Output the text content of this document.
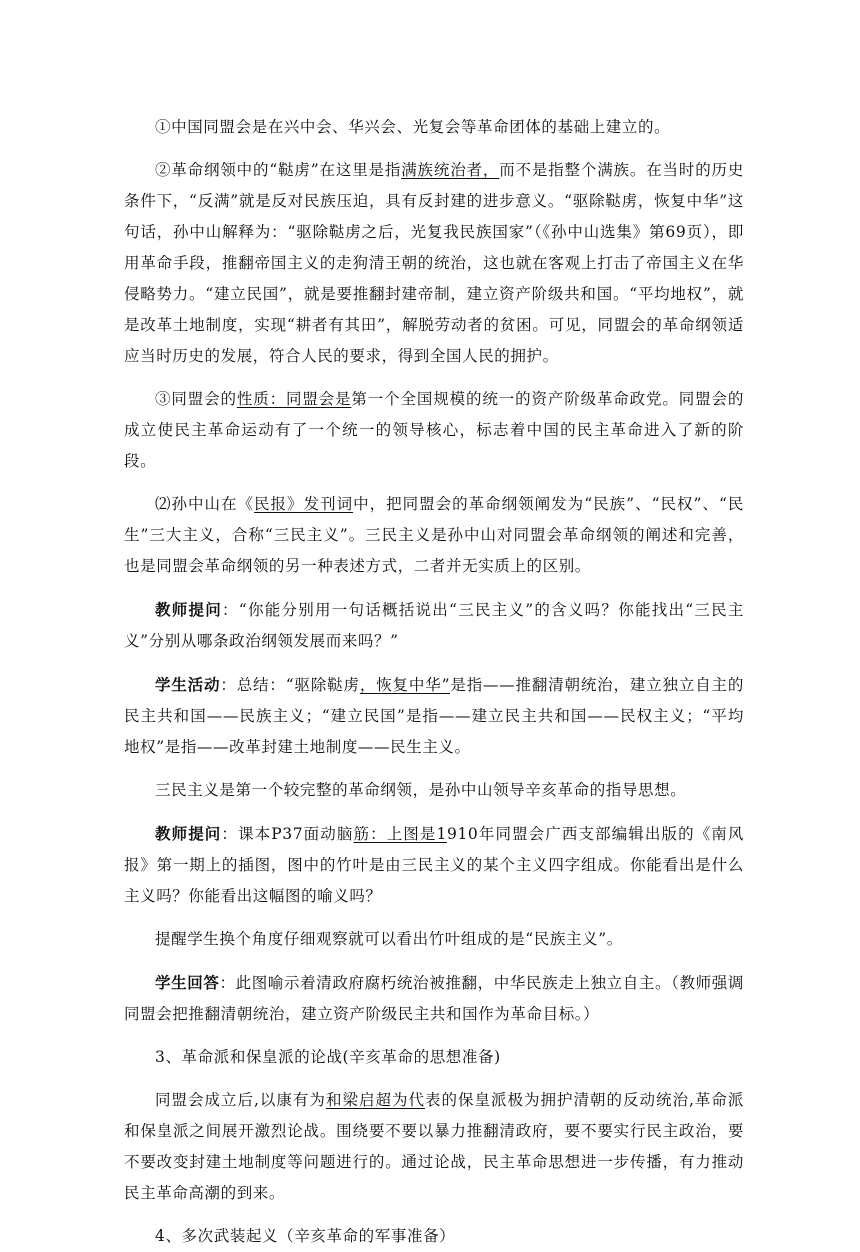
①中国同盟会是在兴中会、华兴会、光复会等革命团体的基础上建立的。

②革命纲领中的“鞑虏”在这里是指满族统治者，而不是指整个满族。在当时的历史条件下，“反满”就是反对民族压迫，具有反封建的进步意义。“驱除鞑虏，恢复中华”这句话，孙中山解释为：“驱除鞑虏之后，光复我民族国家”（《孙中山选集》第69页），即用革命手段，推翻帝国主义的走狗清王朝的统治，这也就在客观上打击了帝国主义在华侵略势力。“建立民国”，就是要推翻封建帝制，建立资产阶级共和国。“平均地权”，就是改革土地制度，实现“耕者有其田”，解脱劳动者的贫困。可见，同盟会的革命纲领适应当时历史的发展，符合人民的要求，得到全国人民的拥护。

③同盟会的性质：同盟会是第一个全国规模的统一的资产阶级革命政党。同盟会的成立使民主革命运动有了一个统一的领导核心，标志着中国的民主革命进入了新的阶段。

⑵孙中山在《民报》发刊词中，把同盟会的革命纲领阐发为“民族”、“民权”、“民生”三大主义，合称“三民主义”。三民主义是孙中山对同盟会革命纲领的阐述和完善，也是同盟会革命纲领的另一种表述方式，二者并无实质上的区别。

教师提问：“你能分别用一句话概括说出“三民主义”的含义吗？你能找出“三民主义”分别从哪条政治纲领发展而来吗？”

学生活动：总结：“驱除鞑虏，恢复中华”是指——推翻清朝统治，建立独立自主的民主共和国——民族主义；“建立民国”是指——建立民主共和国——民权主义；“平均地权”是指——改革封建土地制度——民生主义。

三民主义是第一个较完整的革命纲领，是孙中山领导辛亥革命的指导思想。

教师提问：课本P37面动脑筋：上图是1910年同盟会广西支部编辑出版的《南风报》第一期上的插图，图中的竹叶是由三民主义的某个主义四字组成。你能看出是什么主义吗？你能看出这幅图的喻义吗？

提醒学生换个角度仔细观察就可以看出竹叶组成的是“民族主义”。

学生回答：此图喻示着清政府腐朽统治被推翻，中华民族走上独立自主。（教师强调同盟会把推翻清朝统治，建立资产阶级民主共和国作为革命目标。）

3、革命派和保皇派的论战(辛亥革命的思想准备)

同盟会成立后,以康有为和梁启超为代表的保皇派极为拥护清朝的反动统治,革命派和保皇派之间展开激烈论战。围绕要不要以暴力推翻清政府，要不要实行民主政治，要不要改变封建土地制度等问题进行的。通过论战，民主革命思想进一步传播，有力推动民主革命高潮的到来。

4、多次武装起义（辛亥革命的军事准备）
